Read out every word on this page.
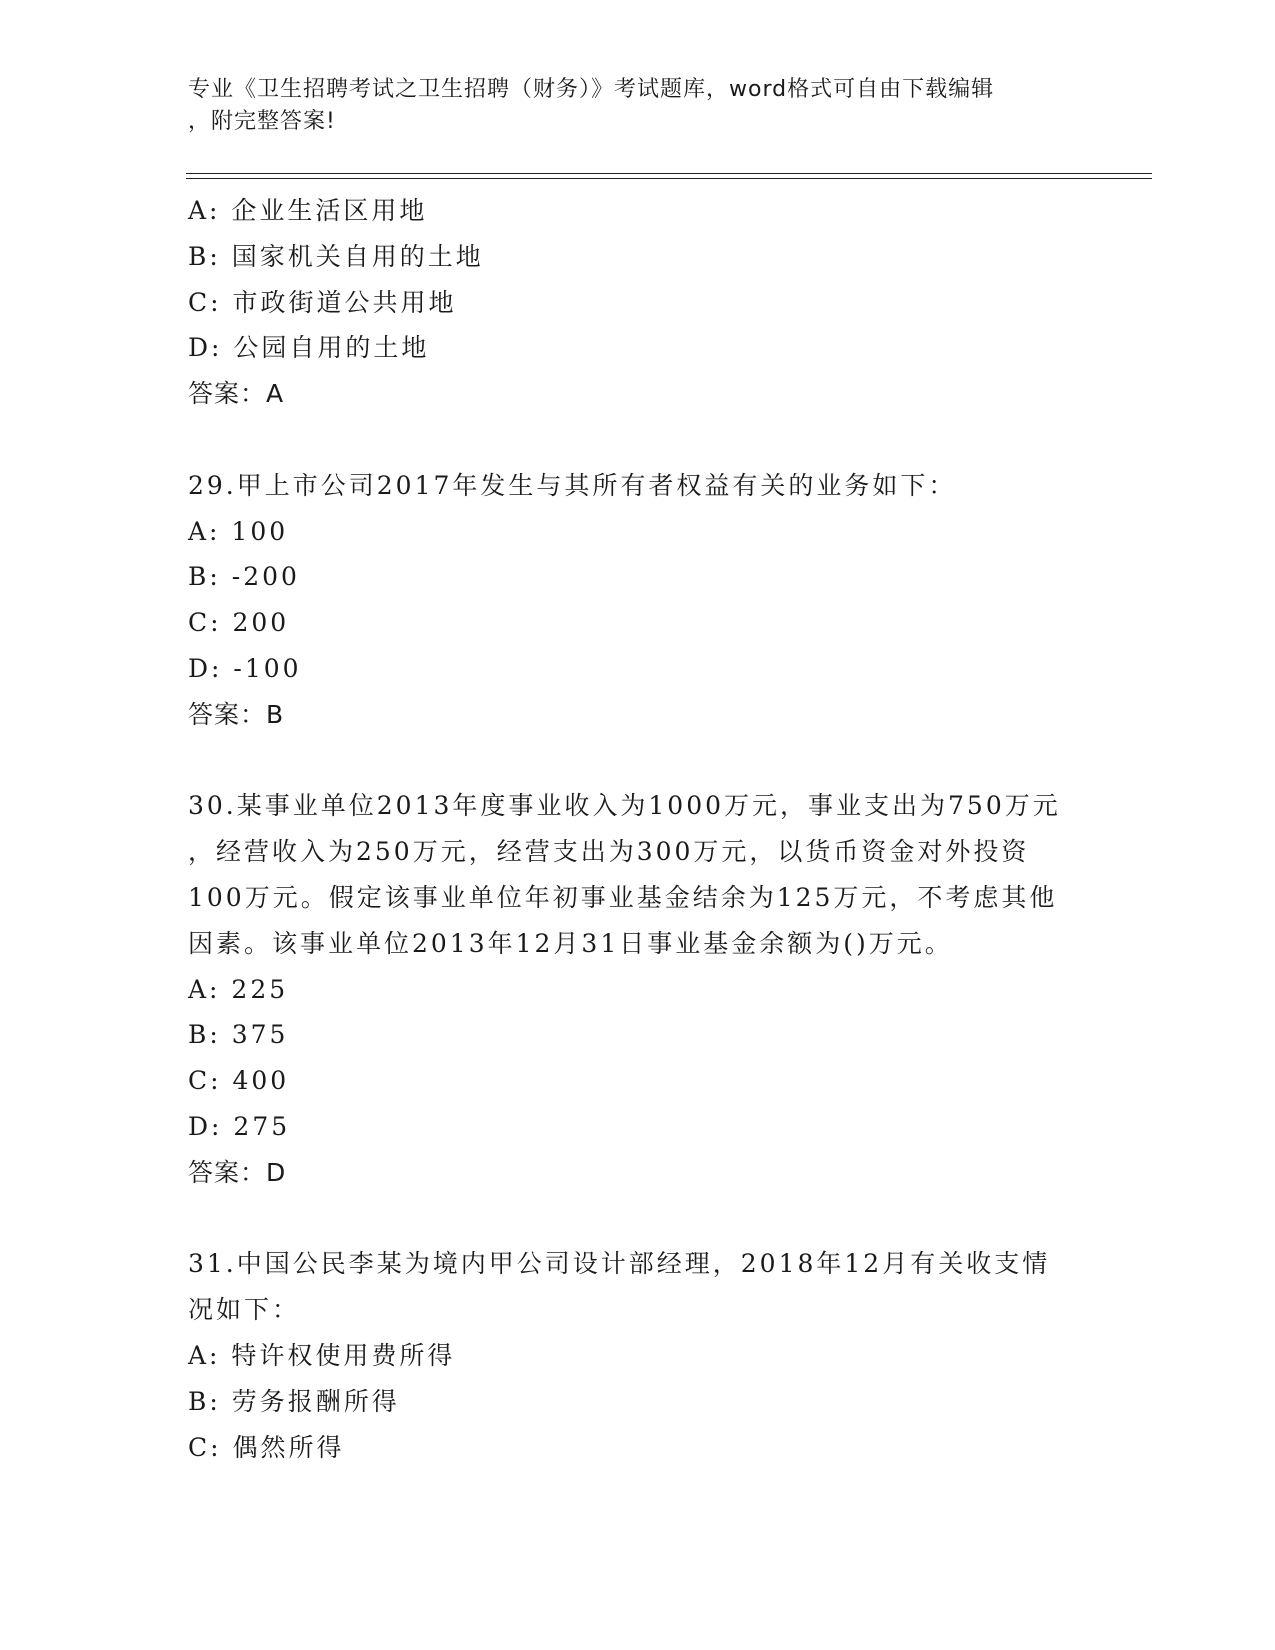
专业《卫生招聘考试之卫生招聘（财务）》考试题库，word格式可自由下载编辑
，附完整答案!
A: 企业生活区用地
B: 国家机关自用的土地
C: 市政街道公共用地
D: 公园自用的土地
答案：A
29.甲上市公司2017年发生与其所有者权益有关的业务如下：
A: 100
B: -200
C: 200
D: -100
答案：B
30.某事业单位2013年度事业收入为1000万元，事业支出为750万元
，经营收入为250万元，经营支出为300万元，以货币资金对外投资
100万元。假定该事业单位年初事业基金结余为125万元，不考虑其他
因素。该事业单位2013年12月31日事业基金余额为()万元。
A: 225
B: 375
C: 400
D: 275
答案：D
31.中国公民李某为境内甲公司设计部经理，2018年12月有关收支情
况如下：
A: 特许权使用费所得
B: 劳务报酬所得
C: 偶然所得
